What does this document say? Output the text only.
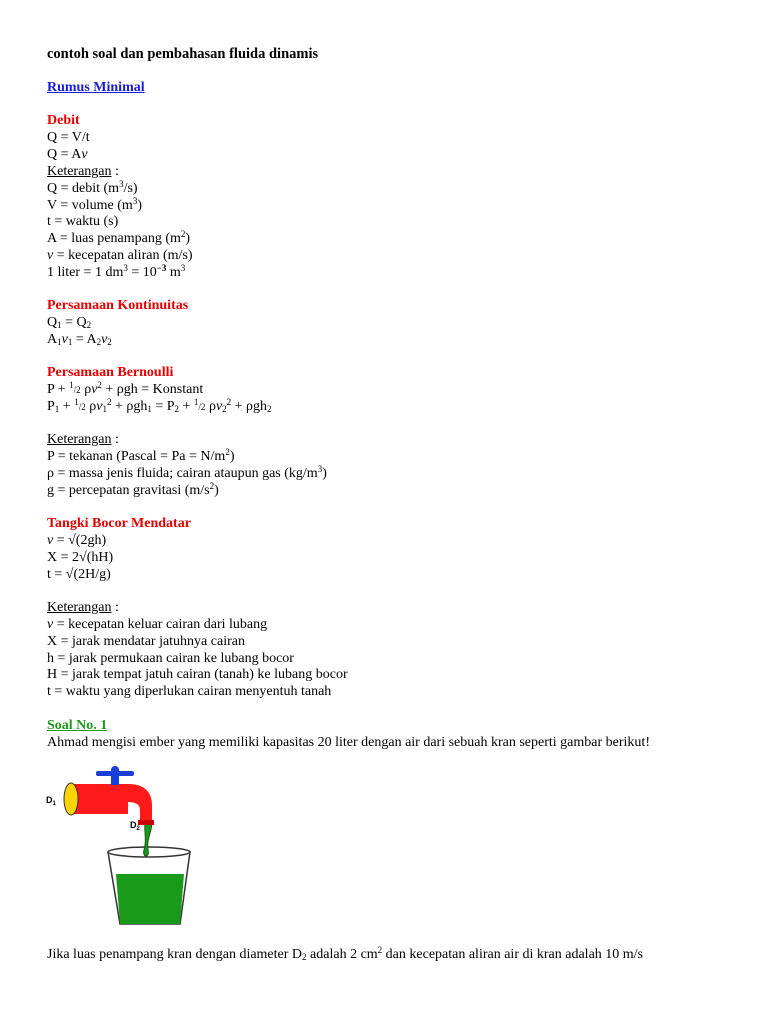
contoh soal dan pembahasan fluida dinamis
Rumus Minimal
Debit
Q = V/t
Q = Av
Keterangan :
Q = debit $(m^3/s)$
V = volume $(m^3)$
t = waktu (s)
A = luas penampang $(m^2)$
v = kecepatan aliran (m/s)
1 liter = 1 $dm^3 = 10^{-3}$ $m^3$
Persamaan Kontinuitas
$Q_1 = Q_2$
$A_1v_1 = A_2v_2$
Persamaan Bernoulli
P + $^1$/2 $\rho v^2 + \rho gh$ = Konstant
$P_1 + ^1/2$ $\rho v_1^2 + \rho gh_1 = P_2 + ^1/2$ $\rho v_2^2 + \rho gh_2$
Keterangan :
P = tekanan (Pascal = $Pa = N/m^2$)
ρ = massa jenis fluida; cairan ataupun gas $(kg/m^3)$
g = percepatan gravitasi $(m/s^2)$
Tangki Bocor Mendatar
v = √(2gh)
X = 2√(hH)
t = √(2H/g)
Keterangan :
v = kecepatan keluar cairan dari lubang
X = jarak mendatar jatuhnya cairan
h = jarak permukaan cairan ke lubang bocor
H = jarak tempat jatuh cairan (tanah) ke lubang bocor
t = waktu yang diperlukan cairan menyentuh tanah
Soal No. 1
Ahmad mengisi ember yang memiliki kapasitas 20 liter dengan air dari sebuah kran seperti gambar berikut!
Jika luas penampang kran dengan diameter $D_2$ adalah 2 $cm^2$ dan kecepatan aliran air di kran adalah 10 m/s
$D_1$
$D_2$
